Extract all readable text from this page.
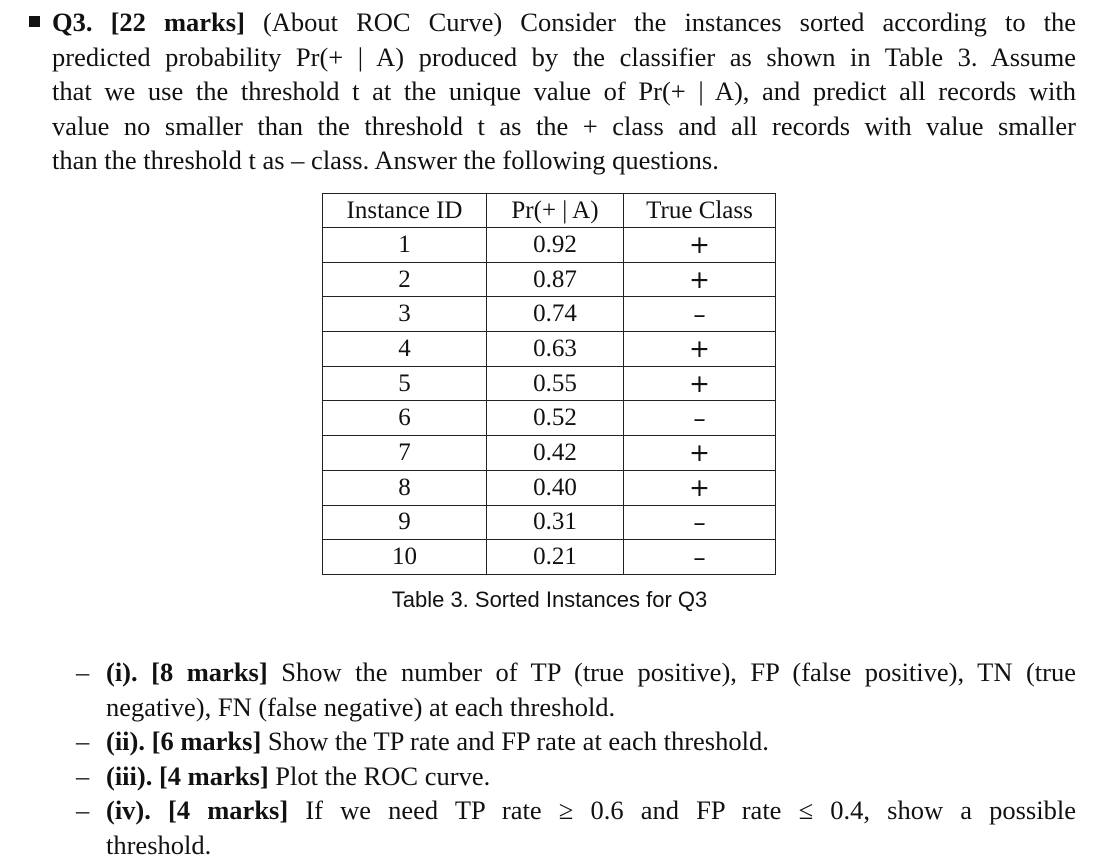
Q3. [22 marks] (About ROC Curve) Consider the instances sorted according to the
predicted probability Pr(+ | A) produced by the classifier as shown in Table 3. Assume
that we use the threshold t at the unique value of Pr(+ | A), and predict all records with
value no smaller than the threshold t as the + class and all records with value smaller
than the threshold t as – class. Answer the following questions.
Instance ID	Pr(+ | A)	True Class
1	0.92	+
2	0.87	+
3	0.74	–
4	0.63	+
5	0.55	+
6	0.52	–
7	0.42	+
8	0.40	+
9	0.31	–
10	0.21	–
Table 3. Sorted Instances for Q3
– (i). [8 marks] Show the number of TP (true positive), FP (false positive), TN (true
negative), FN (false negative) at each threshold.
– (ii). [6 marks] Show the TP rate and FP rate at each threshold.
– (iii). [4 marks] Plot the ROC curve.
– (iv). [4 marks] If we need TP rate ≥ 0.6 and FP rate ≤ 0.4, show a possible
threshold.
